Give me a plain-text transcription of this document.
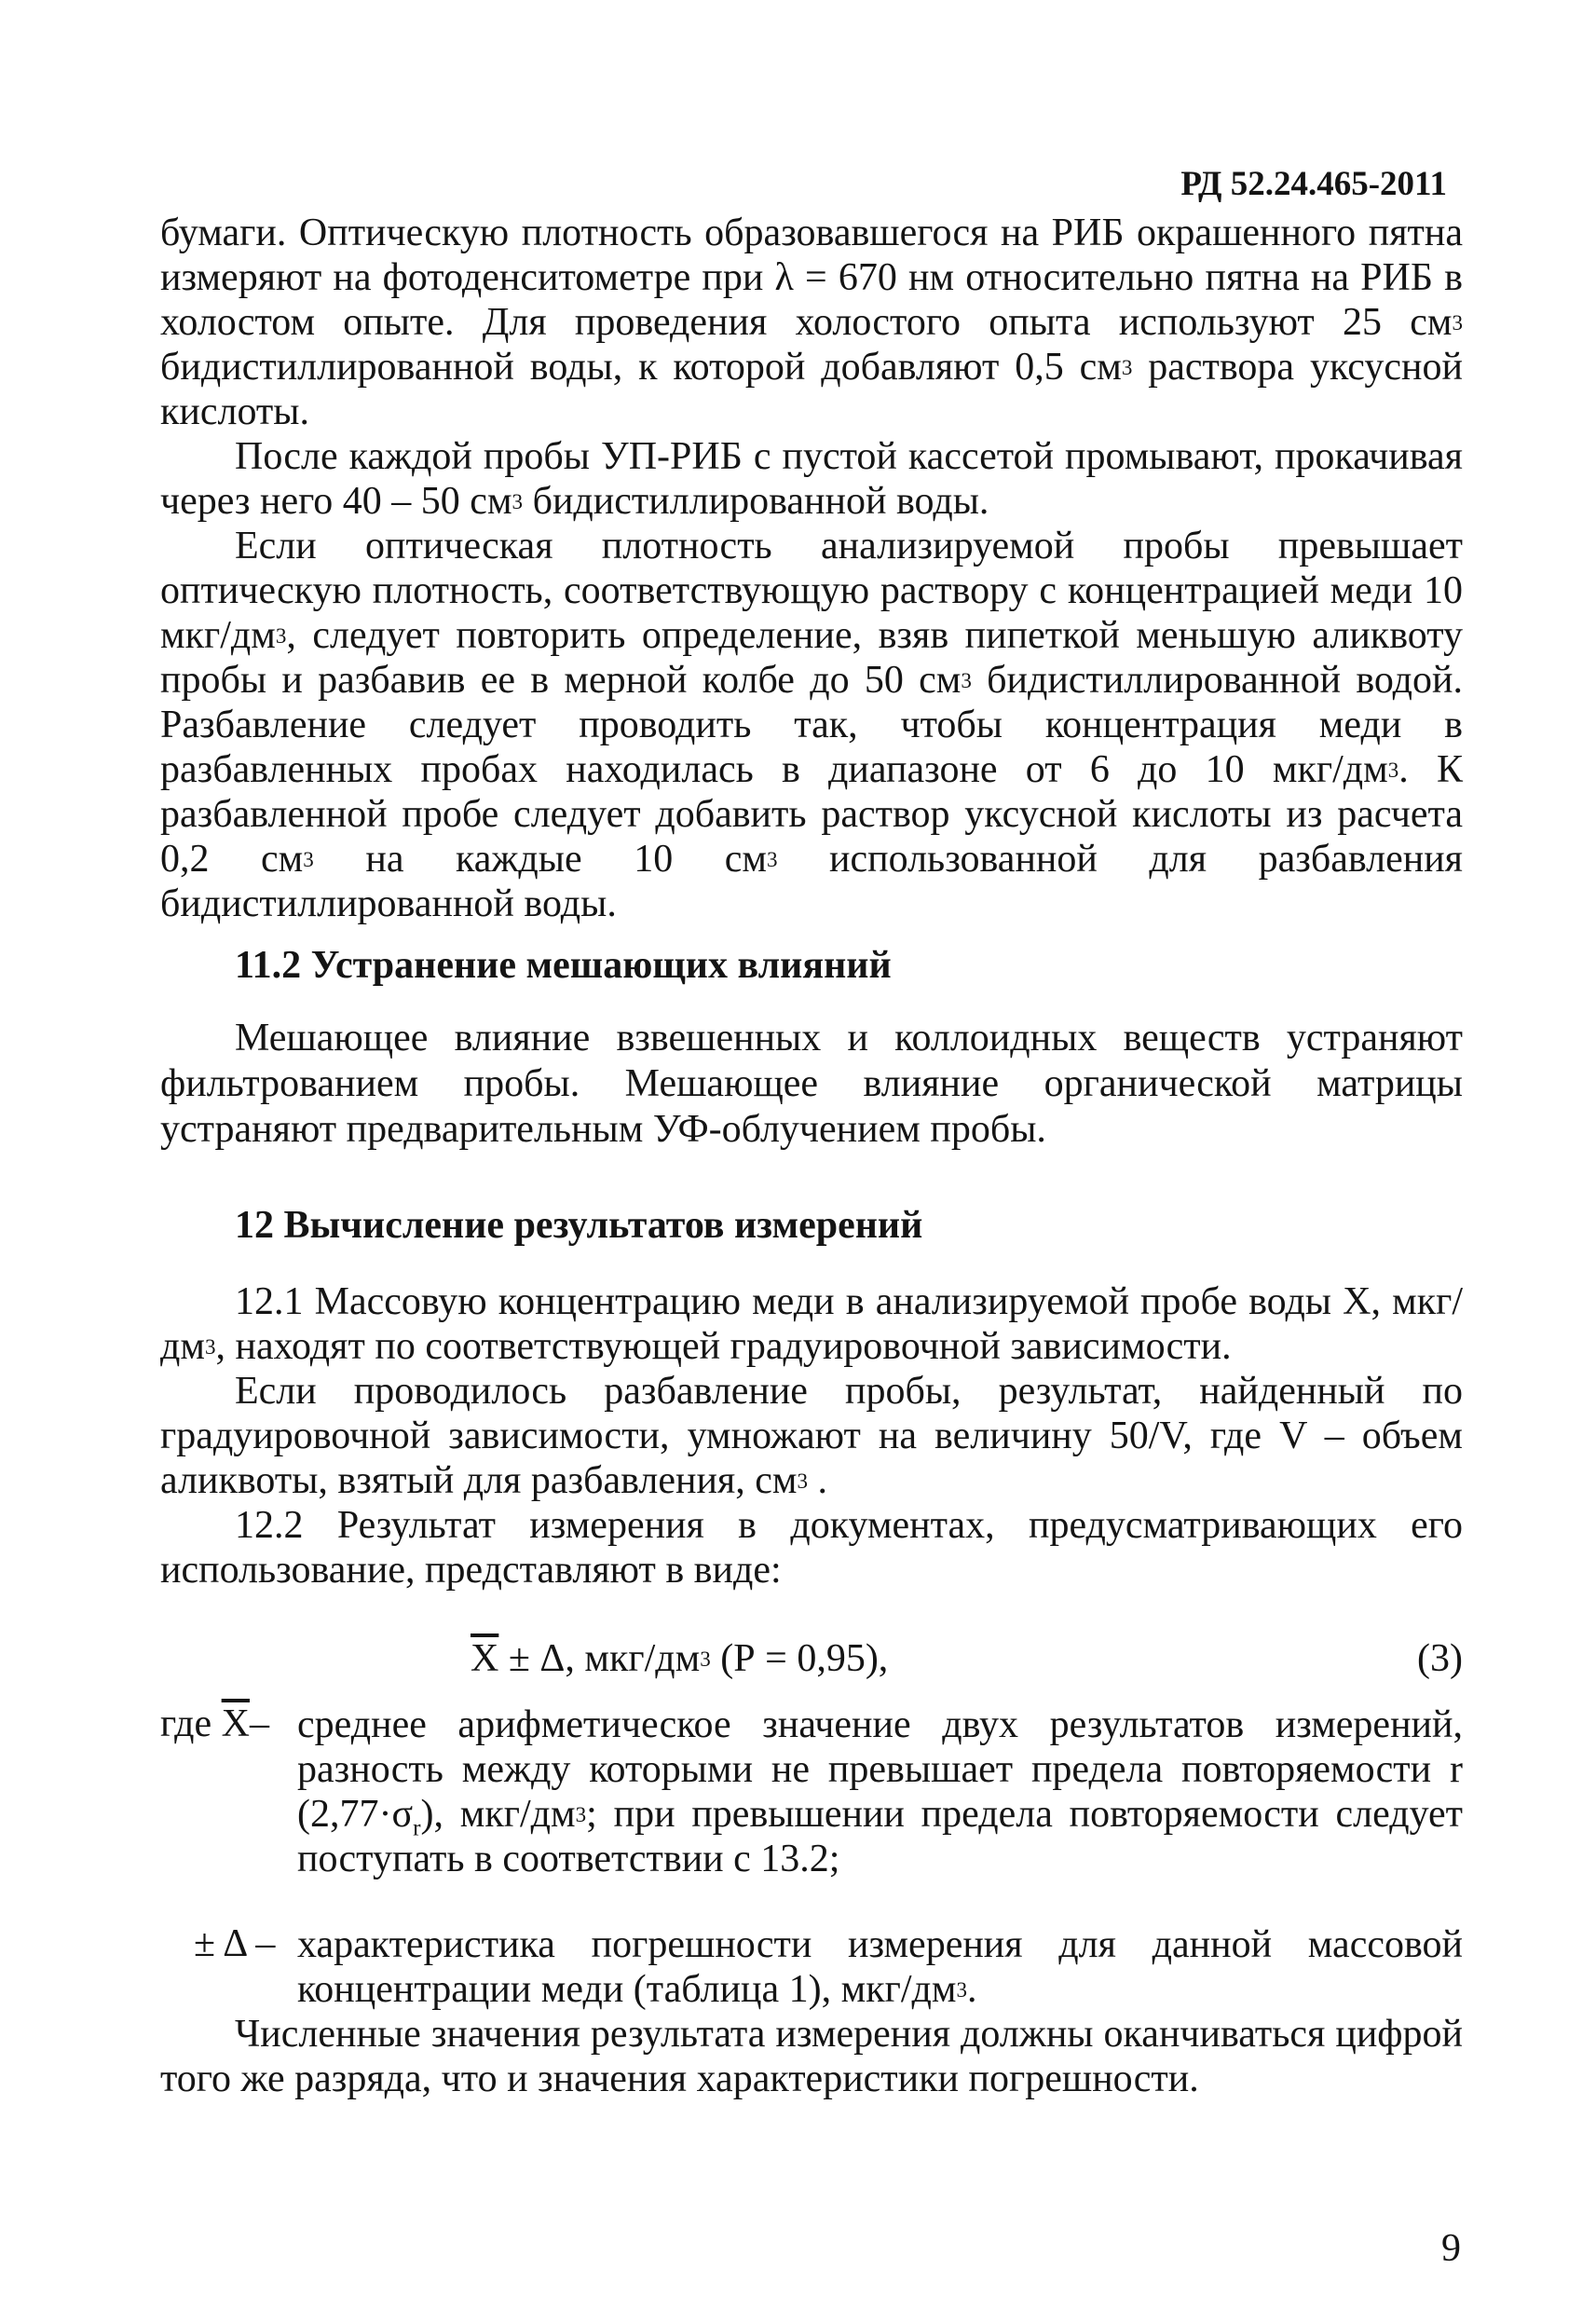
РД 52.24.465-2011

бумаги. Оптическую плотность образовавшегося на РИБ окрашенного пятна измеряют на фотоденситометре при λ = 670 нм относительно пятна на РИБ в холостом опыте. Для проведения холостого опыта используют 25 $см^3$ бидистиллированной воды, к которой добавляют 0,5 $см^3$ раствора уксусной кислоты.

После каждой пробы УП-РИБ с пустой кассетой промывают, прокачивая через него 40 – 50 $см^3$ бидистиллированной воды.

Если оптическая плотность анализируемой пробы превышает оптическую плотность, соответствующую раствору с концентрацией меди 10 мкг/$дм^3$, следует повторить определение, взяв пипеткой меньшую аликвоту пробы и разбавив ее в мерной колбе до 50 $см^3$ бидистиллированной водой. Разбавление следует проводить так, чтобы концентрация меди в разбавленных пробах находилась в диапазоне от 6 до 10 мкг/$дм^3$. К разбавленной пробе следует добавить раствор уксусной кислоты из расчета 0,2 $см^3$ на каждые 10 $см^3$ использованной для разбавления бидистиллированной воды.

11.2 Устранение мешающих влияний

Мешающее влияние взвешенных и коллоидных веществ устраняют фильтрованием пробы. Мешающее влияние органической матрицы устраняют предварительным УФ-облучением пробы.

12 Вычисление результатов измерений

12.1 Массовую концентрацию меди в анализируемой пробе воды X, мкг/$дм^3$, находят по соответствующей градуировочной зависимости.

Если проводилось разбавление пробы, результат, найденный по градуировочной зависимости, умножают на величину 50/V, где V – объем аликвоты, взятый для разбавления, $см^3$ .

12.2 Результат измерения в документах, предусматривающих его использование, представляют в виде:

$\overline{X} \pm \Delta$, мкг/$дм^3$ (Р = 0,95),	(3)
где $\overline{X}-$ среднее арифметическое значение двух результатов измерений, разность между которыми не превышает предела повторяемости r $(2,77\cdot\sigma_r)$, мкг/$дм^3$; при превышении предела повторяемости следует поступать в соответствии с 13.2;

± Δ – характеристика погрешности измерения для данной массовой концентрации меди (таблица 1), мкг/$дм^3$.

Численные значения результата измерения должны оканчиваться цифрой того же разряда, что и значения характеристики погрешности.

9
